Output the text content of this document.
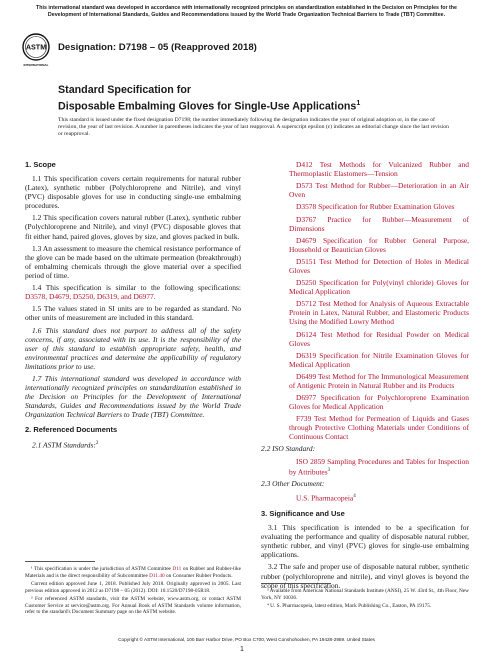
This international standard was developed in accordance with internationally recognized principles on standardization established in the Decision on Principles for the Development of International Standards, Guides and Recommendations issued by the World Trade Organization Technical Barriers to Trade (TBT) Committee.
ASTM
INTERNATIONAL
Designation: D7198 – 05 (Reapproved 2018)
Standard Specification for
Disposable Embalming Gloves for Single-Use Applications$^1$
This standard is issued under the fixed designation D7198; the number immediately following the designation indicates the year of original adoption or, in the case of revision, the year of last revision. A number in parentheses indicates the year of last reapproval. A superscript epsilon (ε) indicates an editorial change since the last revision or reapproval.
1. Scope

1.1 This specification covers certain requirements for natural rubber (Latex), synthetic rubber (Polychloroprene and Nitrile), and vinyl (PVC) disposable gloves for use in conducting single-use embalming procedures.

1.2 This specification covers natural rubber (Latex), synthetic rubber (Polychloroprene and Nitrile), and vinyl (PVC) disposable gloves that fit either hand, paired gloves, gloves by size, and gloves packed in bulk.

1.3 An assessment to measure the chemical resistance performance of the glove can be made based on the ultimate permeation (breakthrough) of embalming chemicals through the glove material over a specified period of time.

1.4 This specification is similar to the following specifications: D3578, D4679, D5250, D6319, and D6977.

1.5 The values stated in SI units are to be regarded as standard. No other units of measurement are included in this standard.

1.6 This standard does not purport to address all of the safety concerns, if any, associated with its use. It is the responsibility of the user of this standard to establish appropriate safety, health, and environmental practices and determine the applicability of regulatory limitations prior to use.

1.7 This international standard was developed in accordance with internationally recognized principles on standardization established in the Decision on Principles for the Development of International Standards, Guides and Recommendations issued by the World Trade Organization Technical Barriers to Trade (TBT) Committee.

2. Referenced Documents

2.1 ASTM Standards:$^2$

¹ This specification is under the jurisdiction of ASTM Committee D11 on Rubber and Rubber-like Materials and is the direct responsibility of Subcommittee D11.40 on Consumer Rubber Products.

Current edition approved June 1, 2018. Published July 2018. Originally approved in 2005. Last previous edition approved in 2012 as D7198 – 05 (2012). DOI: 10.1520/D7198-05R18.

² For referenced ASTM standards, visit the ASTM website, www.astm.org, or contact ASTM Customer Service at service@astm.org. For Annual Book of ASTM Standards volume information, refer to the standard's Document Summary page on the ASTM website.

D412 Test Methods for Vulcanized Rubber and Thermoplastic Elastomers—Tension

D573 Test Method for Rubber—Deterioration in an Air Oven

D3578 Specification for Rubber Examination Gloves

D3767 Practice for Rubber—Measurement of Dimensions

D4679 Specification for Rubber General Purpose, Household or Beautician Gloves

D5151 Test Method for Detection of Holes in Medical Gloves

D5250 Specification for Poly(vinyl chloride) Gloves for Medical Application

D5712 Test Method for Analysis of Aqueous Extractable Protein in Latex, Natural Rubber, and Elastomeric Products Using the Modified Lowry Method

D6124 Test Method for Residual Powder on Medical Gloves

D6319 Specification for Nitrile Examination Gloves for Medical Application

D6499 Test Method for The Immunological Measurement of Antigenic Protein in Natural Rubber and its Products

D6977 Specification for Polychloroprene Examination Gloves for Medical Application

F739 Test Method for Permeation of Liquids and Gases through Protective Clothing Materials under Conditions of Continuous Contact

2.2 ISO Standard:

ISO 2859 Sampling Procedures and Tables for Inspection by Attributes$^3$

2.3 Other Document:

U.S. Pharmacopeia$^4$

3. Significance and Use

3.1 This specification is intended to be a specification for evaluating the performance and quality of disposable natural rubber, synthetic rubber, and vinyl (PVC) gloves for single-use embalming applications.

3.2 The safe and proper use of disposable natural rubber, synthetic rubber (polychloroprene and nitrile), and vinyl gloves is beyond the scope of this specification.

³ Available from American National Standards Institute (ANSI), 25 W. 43rd St., 4th Floor, New York, NY 10036.

⁴ U. S. Pharmacopeia, latest edition, Mack Publishing Co., Easton, PA 19175.

Copyright © ASTM International, 100 Barr Harbor Drive, PO Box C700, West Conshohocken, PA 19428-2959. United States
1
